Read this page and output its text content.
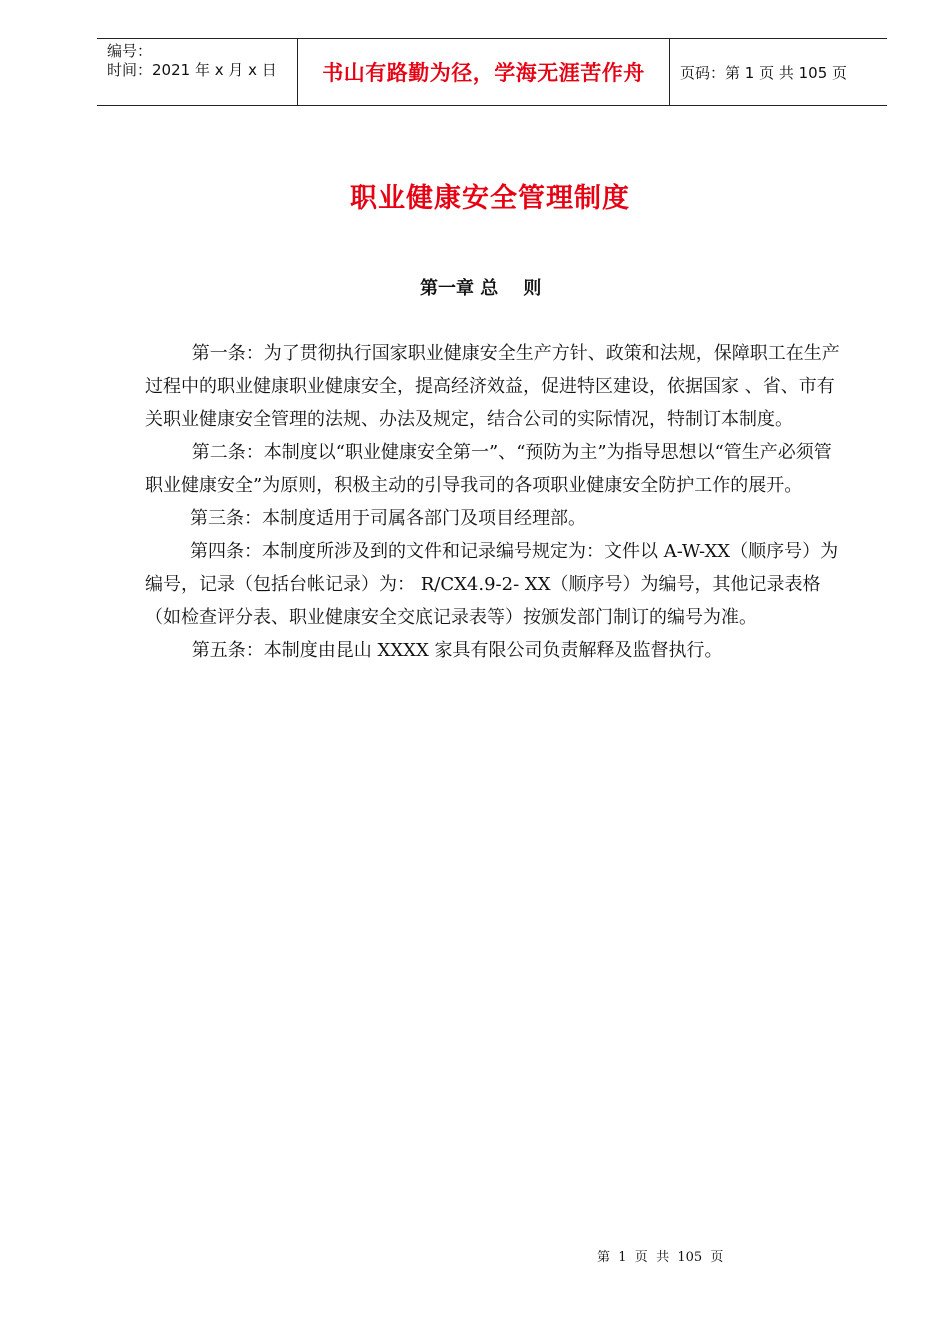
编号：
时间：2021 年 x 月 x 日	书山有路勤为径，学海无涯苦作舟	页码：第 1 页 共 105 页
职业健康安全管理制度
第一章 总    则

第一条：为了贯彻执行国家职业健康安全生产方针、政策和法规，保障职工在生产过程中的职业健康职业健康安全，提高经济效益，促进特区建设，依据国家 、省、市有关职业健康安全管理的法规、办法及规定，结合公司的实际情况，特制订本制度。

第二条：本制度以“职业健康安全第一”、“预防为主”为指导思想以“管生产必须管职业健康安全”为原则，积极主动的引导我司的各项职业健康安全防护工作的展开。

第三条：本制度适用于司属各部门及项目经理部。

第四条：本制度所涉及到的文件和记录编号规定为：文件以 A-W-XX（顺序号）为编号，记录（包括台帐记录）为： R/CX4.9-2- XX（顺序号）为编号，其他记录表格（如检查评分表、职业健康安全交底记录表等）按颁发部门制订的编号为准。

第五条：本制度由昆山 XXXX 家具有限公司负责解释及监督执行。

第  1  页  共  105  页
